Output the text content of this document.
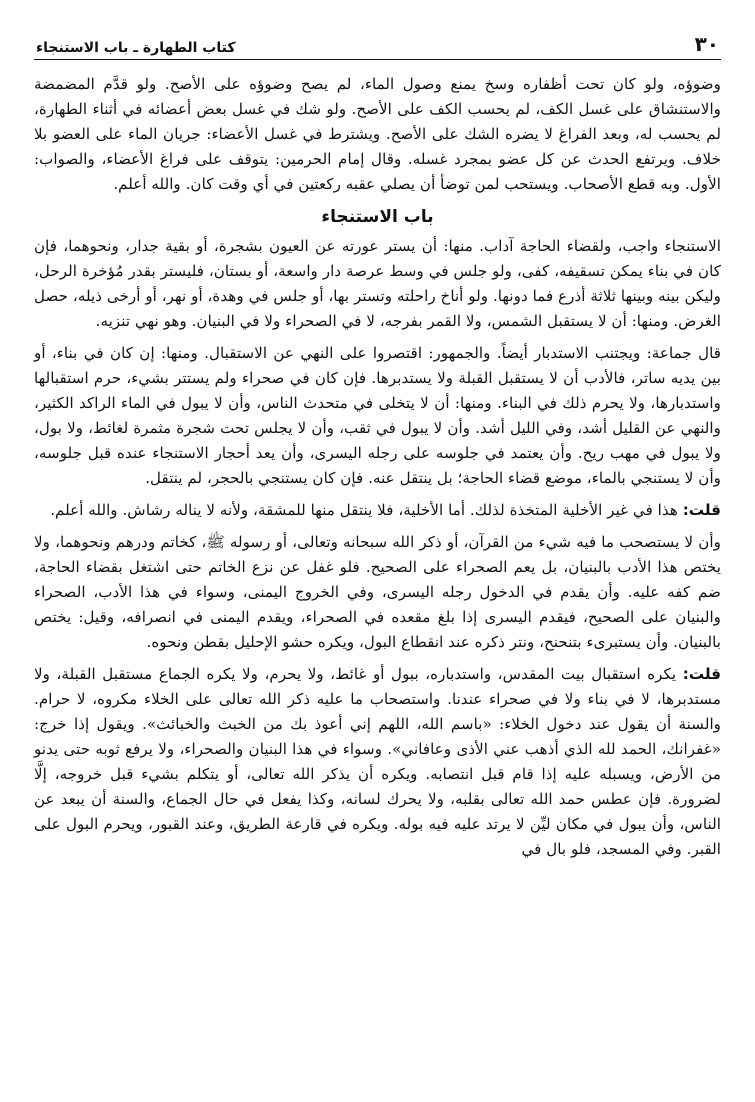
٣٠
كتاب الطهارة ـ باب الاستنجاء

وضوؤه، ولو كان تحت أظفاره وسخ يمنع وصول الماء، لم يصح وضوؤه على الأصح. ولو قدَّم المضمضة والاستنشاق على غسل الكف، لم يحسب الكف على الأصح. ولو شك في غسل بعض أعضائه في أثناء الطهارة، لم يحسب له، وبعد الفراغ لا يضره الشك على الأصح. ويشترط في غسل الأعضاء: جريان الماء على العضو بلا خلاف. ويرتفع الحدث عن كل عضو بمجرد غسله. وقال إمام الحرمين: يتوقف على فراغ الأعضاء، والصواب: الأول. وبه قطع الأصحاب. ويستحب لمن توضأ أن يصلي عقبه ركعتين في أي وقت كان. والله أعلم.

باب الاستنجاء

الاستنجاء واجب، ولقضاء الحاجة آداب. منها: أن يستر عورته عن العيون بشجرة، أو بقية جدار، ونحوهما، فإن كان في بناء يمكن تسقيفه، كفى، ولو جلس في وسط عرصة دار واسعة، أو بستان، فليستر بقدر مُؤخرة الرحل، وليكن بينه وبينها ثلاثة أذرع فما دونها. ولو أناخ راحلته وتستر بها، أو جلس في وهدة، أو نهر، أو أرخى ذيله، حصل الغرض. ومنها: أن لا يستقبل الشمس، ولا القمر بفرجه، لا في الصحراء ولا في البنيان. وهو نهي تنزيه.

قال جماعة: ويجتنب الاستدبار أيضاً. والجمهور: اقتصروا على النهي عن الاستقبال. ومنها: إن كان في بناء، أو بين يديه ساتر، فالأدب أن لا يستقبل القبلة ولا يستدبرها. فإن كان في صحراء ولم يستتر بشيء، حرم استقبالها واستدبارها، ولا يحرم ذلك في البناء. ومنها: أن لا يتخلى في متحدث الناس، وأن لا يبول في الماء الراكد الكثير، والنهي عن القليل أشد، وفي الليل أشد. وأن لا يبول في ثقب، وأن لا يجلس تحت شجرة مثمرة لغائط، ولا بول، ولا يبول في مهب ريح. وأن يعتمد في جلوسه على رجله اليسرى، وأن يعد أحجار الاستنجاء عنده قبل جلوسه، وأن لا يستنجي بالماء، موضع قضاء الحاجة؛ بل ينتقل عنه. فإن كان يستنجي بالحجر، لم ينتقل.

قلت: هذا في غير الأخلية المتخذة لذلك. أما الأخلية، فلا ينتقل منها للمشقة، ولأنه لا يناله رشاش. والله أعلم.

وأن لا يستصحب ما فيه شيء من القرآن، أو ذكر الله سبحانه وتعالى، أو رسوله ﷺ، كخاتم ودرهم ونحوهما، ولا يختص هذا الأدب بالبنيان، بل يعم الصحراء على الصحيح. فلو غفل عن نزع الخاتم حتى اشتغل بقضاء الحاجة، ضم كفه عليه. وأن يقدم في الدخول رجله اليسرى، وفي الخروج اليمنى، وسواء في هذا الأدب، الصحراء والبنيان على الصحيح، فيقدم اليسرى إذا بلغ مقعده في الصحراء، ويقدم اليمنى في انصرافه، وقيل: يختص بالبنيان. وأن يستبرىء بتنحنح، ونتر ذكره عند انقطاع البول، ويكره حشو الإحليل بقطن ونحوه.

قلت: يكره استقبال بيت المقدس، واستدباره، ببول أو غائط، ولا يحرم، ولا يكره الجماع مستقبل القبلة، ولا مستدبرها، لا في بناء ولا في صحراء عندنا. واستصحاب ما عليه ذكر الله تعالى على الخلاء مكروه، لا حرام. والسنة أن يقول عند دخول الخلاء: «باسم الله، اللهم إني أعوذ بك من الخبث والخبائث». ويقول إذا خرج: «غفرانك، الحمد لله الذي أذهب عني الأذى وعافاني». وسواء في هذا البنيان والصحراء، ولا يرفع ثوبه حتى يدنو من الأرض، ويسبله عليه إذا قام قبل انتصابه. ويكره أن يذكر الله تعالى، أو يتكلم بشيء قبل خروجه، إلَّا لضرورة. فإن عطس حمد الله تعالى بقلبه، ولا يحرك لسانه، وكذا يفعل في حال الجماع، والسنة أن يبعد عن الناس، وأن يبول في مكان ليِّن لا يرتد عليه فيه بوله. ويكره في قارعة الطريق، وعند القبور، ويحرم البول على القبر. وفي المسجد، فلو بال في
